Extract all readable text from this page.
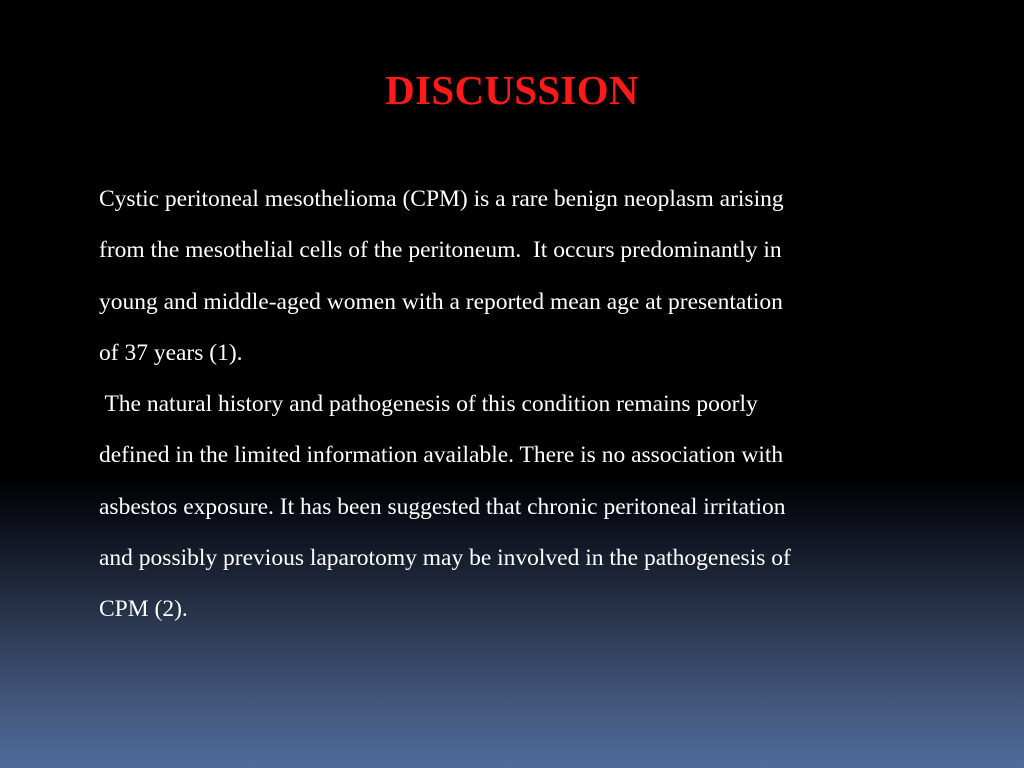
DISCUSSION
Cystic peritoneal mesothelioma (CPM) is a rare benign neoplasm arising
from the mesothelial cells of the peritoneum.  It occurs predominantly in
young and middle-aged women with a reported mean age at presentation
of 37 years (1).
The natural history and pathogenesis of this condition remains poorly
defined in the limited information available. There is no association with
asbestos exposure. It has been suggested that chronic peritoneal irritation
and possibly previous laparotomy may be involved in the pathogenesis of
CPM (2).
